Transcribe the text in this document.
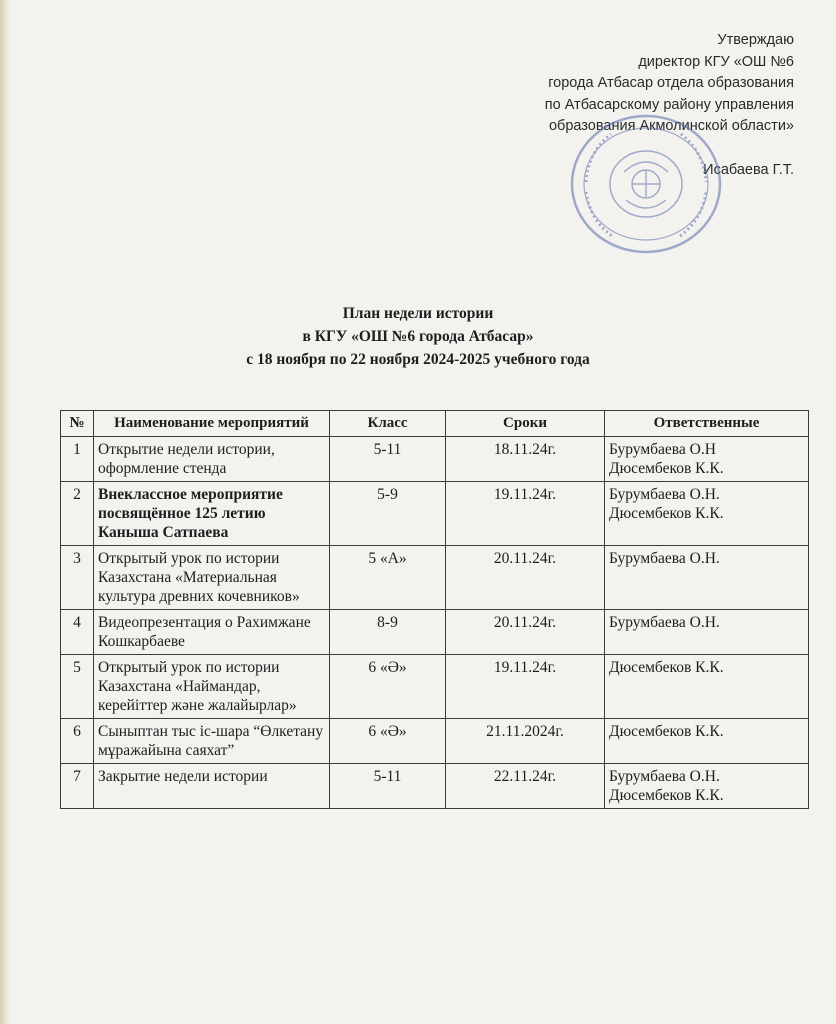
Утверждаю
директор КГУ «ОШ №6
города Атбасар отдела образования
по Атбасарскому району управления
образования Акмолинской области»
Исабаева Г.Т.
План недели истории
в КГУ «ОШ №6 города Атбасар»
с 18 ноября по 22 ноября 2024-2025 учебного года
№	Наименование мероприятий	Класс	Сроки	Ответственные
1	Открытие недели истории, оформление стенда	5-11	18.11.24г.	Бурумбаева О.Н
Дюсембеков К.К.

2	Внеклассное мероприятие посвящённое 125 летию Каныша Сатпаева	5-9	19.11.24г.	Бурумбаева О.Н.
Дюсембеков К.К.

3	Открытый урок по истории Казахстана «Материальная культура древних кочевников»	5 «А»	20.11.24г.	Бурумбаева О.Н.

4	Видеопрезентация о Рахимжане Кошкарбаеве	8-9	20.11.24г.	Бурумбаева О.Н.

5	Открытый урок по истории Казахстана «Наймандар, керейіттер және жалайырлар»	6 «Ә»	19.11.24г.	Дюсембеков К.К.

6	Сыныптан тыс іс-шара “Өлкетану мұражайына саяхат”	6 «Ә»	21.11.2024г.	Дюсембеков К.К.

7	Закрытие недели истории	5-11	22.11.24г.	Бурумбаева О.Н.
Дюсембеков К.К.
